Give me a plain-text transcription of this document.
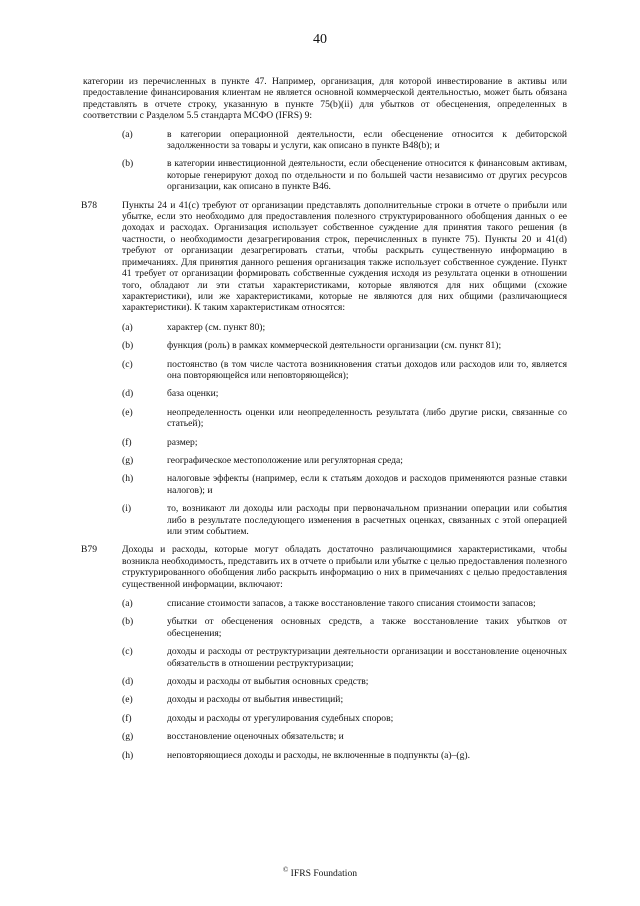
40

категории из перечисленных в пункте 47. Например, организация, для которой инвестирование в активы или предоставление финансирования клиентам не является основной коммерческой деятельностью, может быть обязана представлять в отчете строку, указанную в пункте 75(b)(ii) для убытков от обесценения, определенных в соответствии с Разделом 5.5 стандарта МСФО (IFRS) 9:

(a)	в категории операционной деятельности, если обесценение относится к дебиторской задолженности за товары и услуги, как описано в пункте B48(b); и
(b)	в категории инвестиционной деятельности, если обесценение относится к финансовым активам, которые генерируют доход по отдельности и по большей части независимо от других ресурсов организации, как описано в пункте B46.
B78	Пункты 24 и 41(c) требуют от организации представлять дополнительные строки в отчете о прибыли или убытке, если это необходимо для предоставления полезного структурированного обобщения данных о ее доходах и расходах. Организация использует собственное суждение для принятия такого решения (в частности, о необходимости дезагрегирования строк, перечисленных в пункте 75). Пункты 20 и 41(d) требуют от организации дезагрегировать статьи, чтобы раскрыть существенную информацию в примечаниях. Для принятия данного решения организация также использует собственное суждение. Пункт 41 требует от организации формировать собственные суждения исходя из результата оценки в отношении того, обладают ли эти статьи характеристиками, которые являются для них общими (схожие характеристики), или же характеристиками, которые не являются для них общими (различающиеся характеристики). К таким характеристикам относятся:
(a)	характер (см. пункт 80);
(b)	функция (роль) в рамках коммерческой деятельности организации (см. пункт 81);
(c)	постоянство (в том числе частота возникновения статьи доходов или расходов или то, является она повторяющейся или неповторяющейся);
(d)	база оценки;
(e)	неопределенность оценки или неопределенность результата (либо другие риски, связанные со статьей);
(f)	размер;
(g)	географическое местоположение или регуляторная среда;
(h)	налоговые эффекты (например, если к статьям доходов и расходов применяются разные ставки налогов); и
(i)	то, возникают ли доходы или расходы при первоначальном признании операции или события либо в результате последующего изменения в расчетных оценках, связанных с этой операцией или этим событием.
B79	Доходы и расходы, которые могут обладать достаточно различающимися характеристиками, чтобы возникла необходимость, представить их в отчете о прибыли или убытке с целью предоставления полезного структурированного обобщения либо раскрыть информацию о них в примечаниях с целью предоставления существенной информации, включают:
(a)	списание стоимости запасов, а также восстановление такого списания стоимости запасов;
(b)	убытки от обесценения основных средств, а также восстановление таких убытков от обесценения;
(c)	доходы и расходы от реструктуризации деятельности организации и восстановление оценочных обязательств в отношении реструктуризации;
(d)	доходы и расходы от выбытия основных средств;
(e)	доходы и расходы от выбытия инвестиций;
(f)	доходы и расходы от урегулирования судебных споров;
(g)	восстановление оценочных обязательств; и
(h)	неповторяющиеся доходы и расходы, не включенные в подпункты (a)–(g).
© IFRS Foundation
